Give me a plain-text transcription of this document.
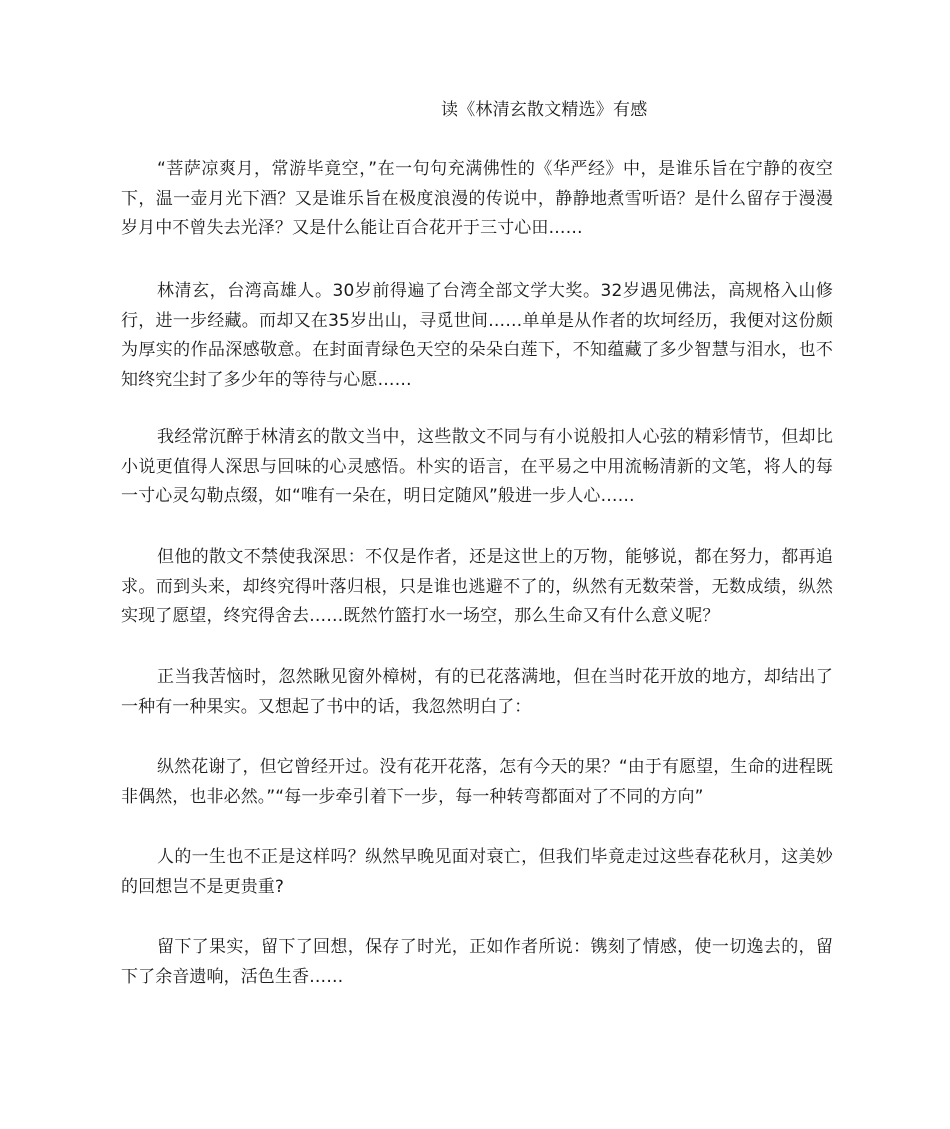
读《林清玄散文精选》有感

“菩萨凉爽月，常游毕竟空，”在一句句充满佛性的《华严经》中，是谁乐旨在宁静的夜空下，温一壶月光下酒？又是谁乐旨在极度浪漫的传说中，静静地煮雪听语？是什么留存于漫漫岁月中不曾失去光泽？又是什么能让百合花开于三寸心田……

林清玄，台湾高雄人。30岁前得遍了台湾全部文学大奖。32岁遇见佛法，高规格入山修行，进一步经藏。而却又在35岁出山，寻觅世间……单单是从作者的坎坷经历，我便对这份颇为厚实的作品深感敬意。在封面青绿色天空的朵朵白莲下，不知蕴藏了多少智慧与泪水，也不知终究尘封了多少年的等待与心愿……

我经常沉醉于林清玄的散文当中，这些散文不同与有小说般扣人心弦的精彩情节，但却比小说更值得人深思与回味的心灵感悟。朴实的语言，在平易之中用流畅清新的文笔，将人的每一寸心灵勾勒点缀，如“唯有一朵在，明日定随风”般进一步人心……

但他的散文不禁使我深思：不仅是作者，还是这世上的万物，能够说，都在努力，都再追求。而到头来，却终究得叶落归根，只是谁也逃避不了的，纵然有无数荣誉，无数成绩，纵然实现了愿望，终究得舍去……既然竹篮打水一场空，那么生命又有什么意义呢？

正当我苦恼时，忽然瞅见窗外樟树，有的已花落满地，但在当时花开放的地方，却结出了一种有一种果实。又想起了书中的话，我忽然明白了：

纵然花谢了，但它曾经开过。没有花开花落，怎有今天的果？“由于有愿望，生命的进程既非偶然，也非必然。”“每一步牵引着下一步，每一种转弯都面对了不同的方向”

人的一生也不正是这样吗？纵然早晚见面对衰亡，但我们毕竟走过这些春花秋月，这美妙的回想岂不是更贵重?

留下了果实，留下了回想，保存了时光，正如作者所说：镌刻了情感，使一切逸去的，留下了余音遗响，活色生香……
